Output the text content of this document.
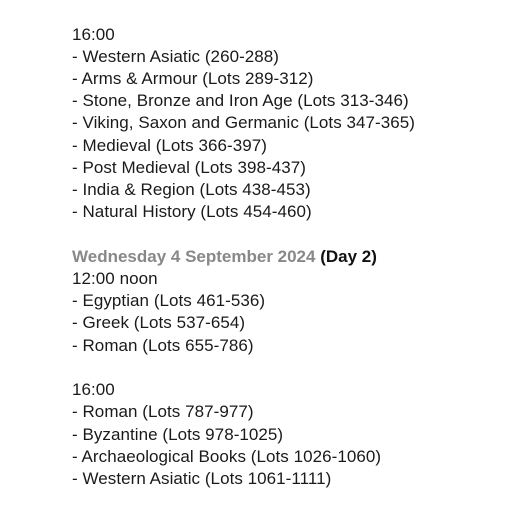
16:00
- Western Asiatic (260-288)
- Arms & Armour (Lots 289-312)
- Stone, Bronze and Iron Age (Lots 313-346)
- Viking, Saxon and Germanic (Lots 347-365)
- Medieval (Lots 366-397)
- Post Medieval (Lots 398-437)
- India & Region (Lots 438-453)
- Natural History (Lots 454-460)
Wednesday 4 September 2024 (Day 2)
12:00 noon
- Egyptian (Lots 461-536)
- Greek (Lots 537-654)
- Roman (Lots 655-786)
16:00
- Roman (Lots 787-977)
- Byzantine (Lots 978-1025)
- Archaeological Books (Lots 1026-1060)
- Western Asiatic (Lots 1061-1111)
